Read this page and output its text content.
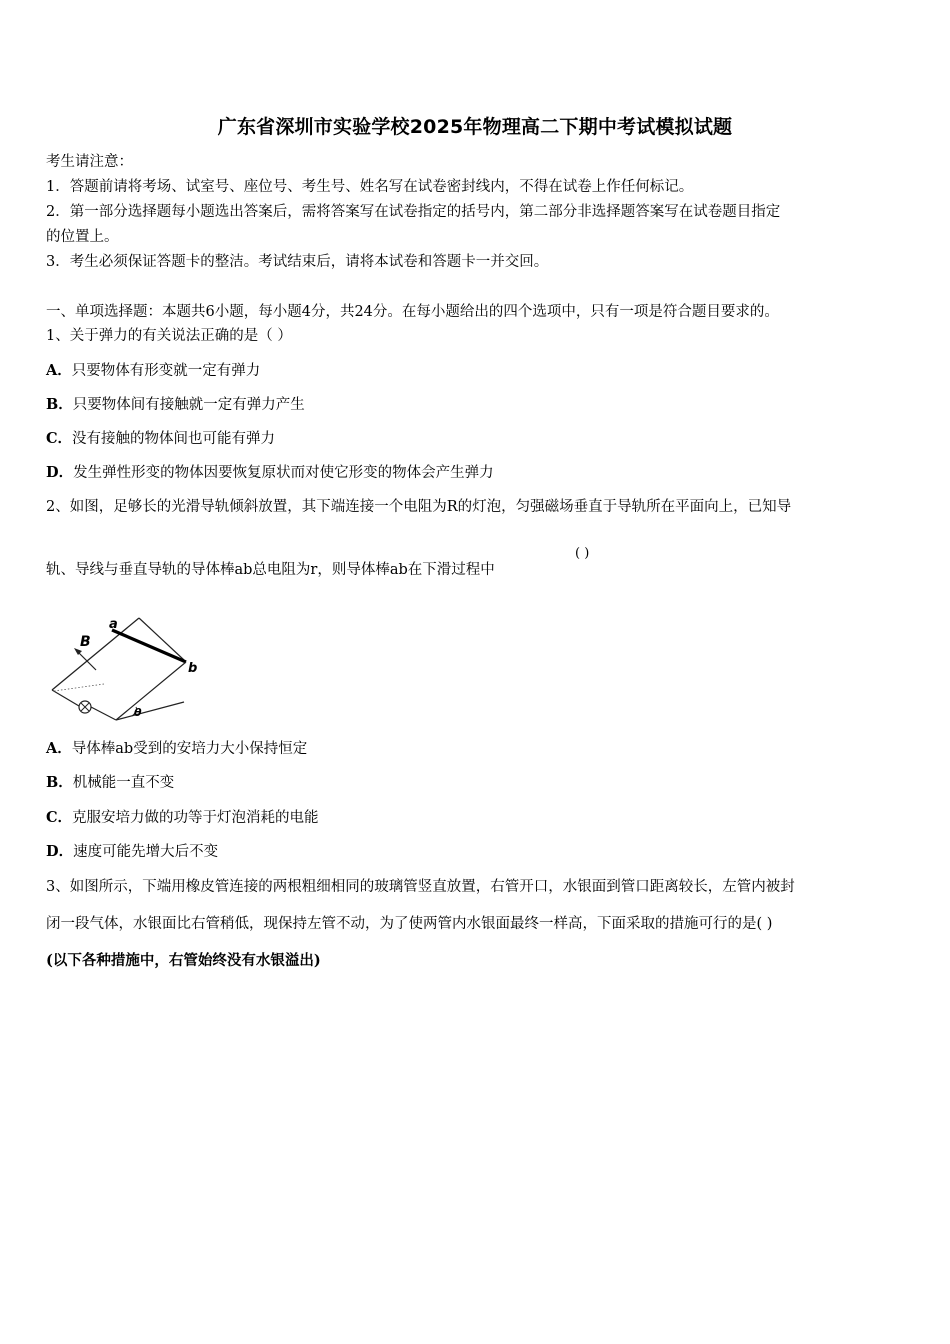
广东省深圳市实验学校2025年物理高二下期中考试模拟试题
考生请注意：
1．答题前请将考场、试室号、座位号、考生号、姓名写在试卷密封线内，不得在试卷上作任何标记。
2．第一部分选择题每小题选出答案后，需将答案写在试卷指定的括号内，第二部分非选择题答案写在试卷题目指定
的位置上。
3．考生必须保证答题卡的整洁。考试结束后，请将本试卷和答题卡一并交回。
一、单项选择题：本题共6小题，每小题4分，共24分。在每小题给出的四个选项中，只有一项是符合题目要求的。
1、关于弹力的有关说法正确的是（ ）
A．只要物体有形变就一定有弹力
B．只要物体间有接触就一定有弹力产生
C．没有接触的物体间也可能有弹力
D．发生弹性形变的物体因要恢复原状而对使它形变的物体会产生弹力
2、如图，足够长的光滑导轨倾斜放置，其下端连接一个电阻为R的灯泡，匀强磁场垂直于导轨所在平面向上，已知导
轨、导线与垂直导轨的导体棒ab总电阻为r，则导体棒ab在下滑过程中
( )
B
a
b
θ
A．导体棒ab受到的安培力大小保持恒定
B．机械能一直不变
C．克服安培力做的功等于灯泡消耗的电能
D．速度可能先增大后不变
3、如图所示，下端用橡皮管连接的两根粗细相同的玻璃管竖直放置，右管开口，水银面到管口距离较长，左管内被封
闭一段气体，水银面比右管稍低，现保持左管不动，为了使两管内水银面最终一样高，下面采取的措施可行的是( )
(以下各种措施中，右管始终没有水银溢出)
